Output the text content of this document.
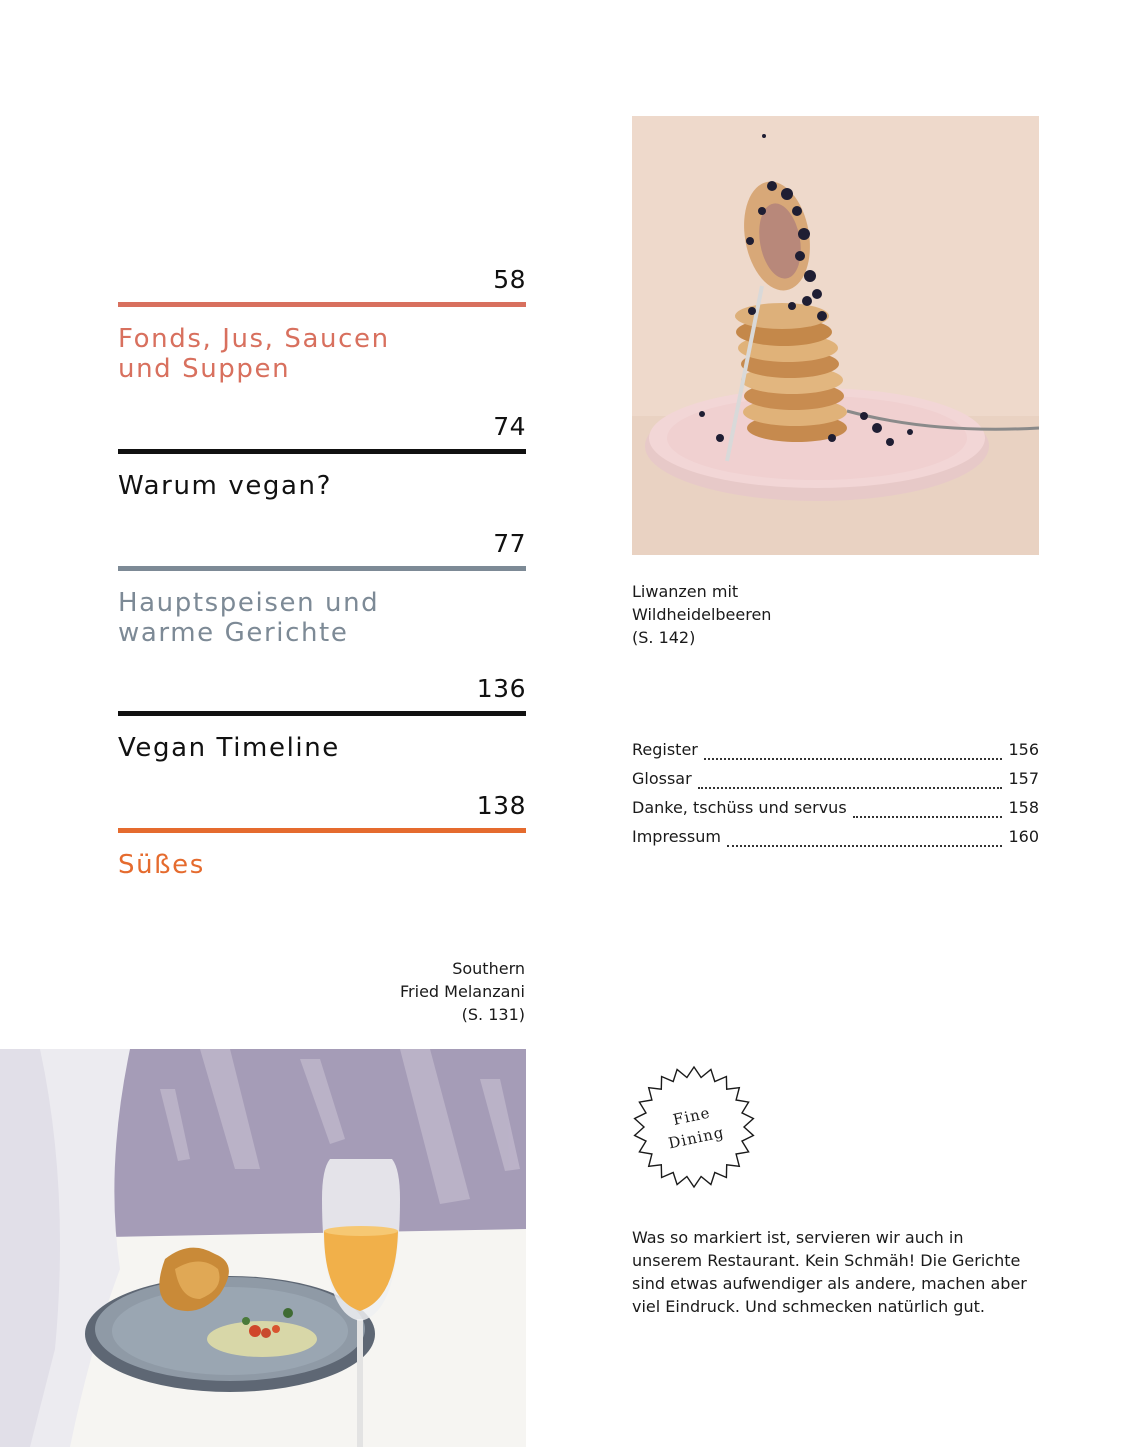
58
Fonds, Jus, Saucen
und Suppen
74
Warum vegan?
77
Hauptspeisen und
warme Gerichte
136
Vegan Timeline
138
Süßes
Liwanzen mit
Wildheidelbeeren
(S. 142)
Register	156
Glossar	157
Danke, tschüss und servus	158
Impressum	160
Southern
Fried Melanzani
(S. 131)
Fine
Dining
Was so markiert ist, servieren wir auch in
unserem Restaurant. Kein Schmäh! Die Gerichte
sind etwas aufwendiger als andere, machen aber
viel Eindruck. Und schmecken natürlich gut.
